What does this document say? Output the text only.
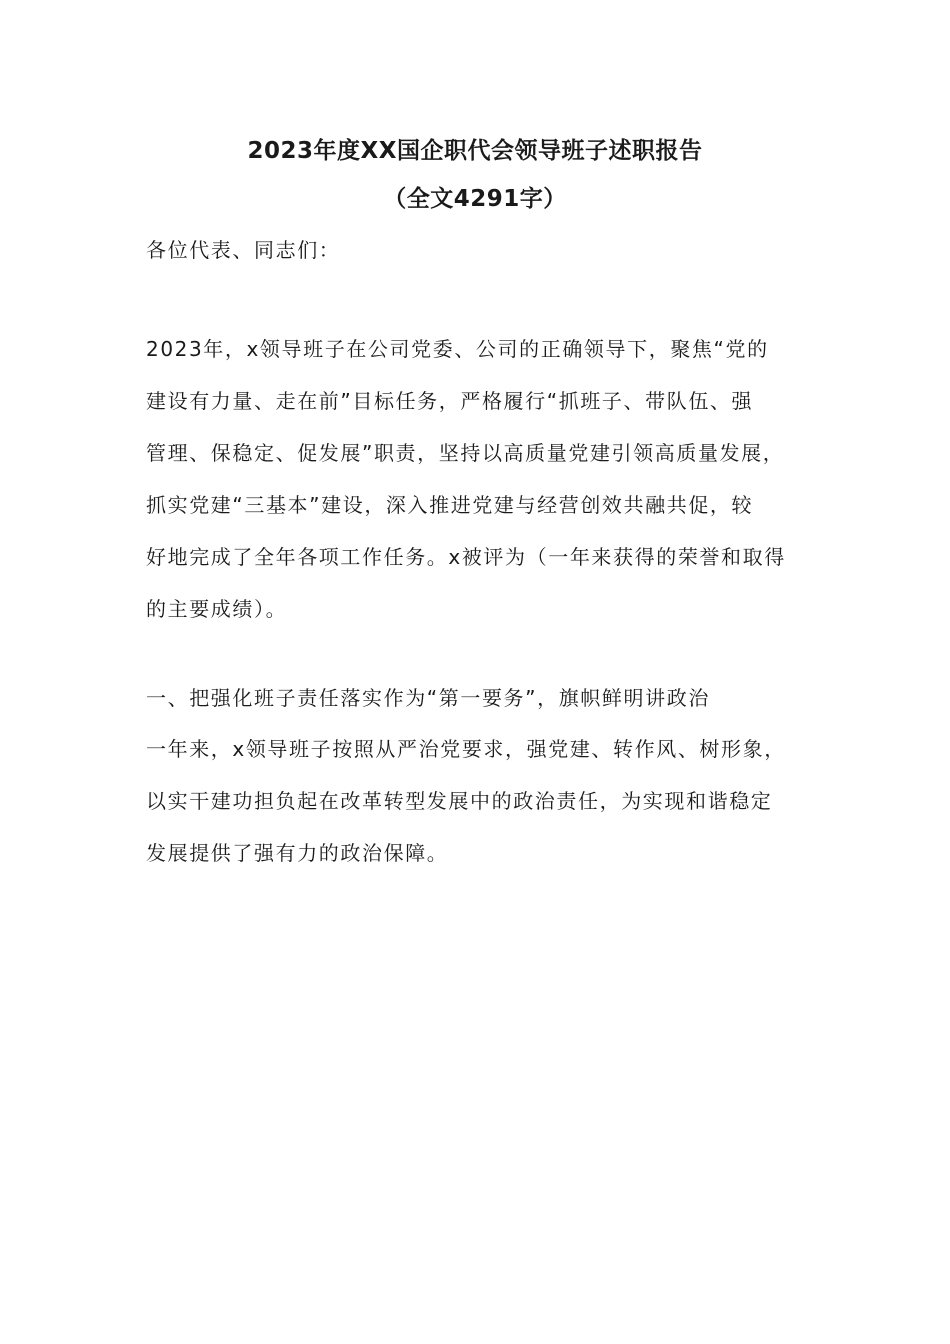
2023年度XX国企职代会领导班子述职报告
（全文4291字）

各位代表、同志们：

2023年，x领导班子在公司党委、公司的正确领导下，聚焦“党的
建设有力量、走在前”目标任务，严格履行“抓班子、带队伍、强
管理、保稳定、促发展”职责，坚持以高质量党建引领高质量发展，
抓实党建“三基本”建设，深入推进党建与经营创效共融共促，较
好地完成了全年各项工作任务。x被评为（一年来获得的荣誉和取得
的主要成绩）。

一、把强化班子责任落实作为“第一要务”，旗帜鲜明讲政治

一年来，x领导班子按照从严治党要求，强党建、转作风、树形象，
以实干建功担负起在改革转型发展中的政治责任，为实现和谐稳定
发展提供了强有力的政治保障。
